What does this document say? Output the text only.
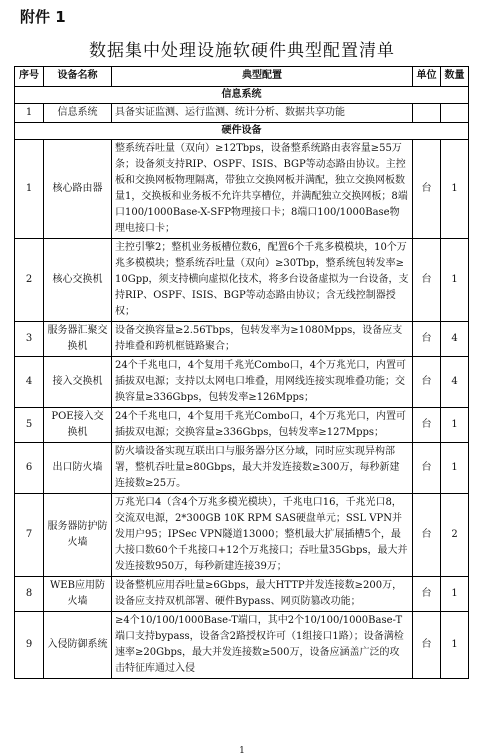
附件 1
数据集中处理设施软硬件典型配置清单
序号	设备名称	典型配置	单位	数量
信息系统				
1	信息系统	具备实证监测、运行监测、统计分析、数据共享功能		
硬件设备				
1	核心路由器	整系统吞吐量（双向）≥12Tbps，设备整系统路由表容量≥55万条；设备须支持RIP、OSPF、ISIS、BGP等动态路由协议。主控板和交换网板物理隔离，带独立交换网板并满配，独立交换网板数量1，交换板和业务板不允许共享槽位，并满配独立交换网板；8端口100/1000Base-X-SFP物理接口卡；8端口100/1000Base物理电接口卡；	台	1
2	核心交换机	主控引擎2；整机业务板槽位数6，配置6个千兆多模模块，10个万兆多模模块；整系统吞吐量（双向）≥30Tbp，整系统包转发率≥10Gpp，须支持横向虚拟化技术，将多台设备虚拟为一台设备，支持RIP、OSPF、ISIS、BGP等动态路由协议；含无线控制器授权；	台	1
3	服务器汇聚交换机	设备交换容量≥2.56Tbps，包转发率为≥1080Mpps，设备应支持堆叠和跨机框链路聚合；	台	4
4	接入交换机	24个千兆电口，4个复用千兆光Combo口，4个万兆光口，内置可插拔双电源；支持以太网电口堆叠，用网线连接实现堆叠功能；交换容量≥336Gbps，包转发率≥126Mpps；	台	4
5	POE接入交换机	24个千兆电口，4个复用千兆光Combo口，4个万兆光口，内置可插拔双电源；交换容量≥336Gbps，包转发率≥127Mpps；	台	1
6	出口防火墙	防火墙设备实现互联出口与服务器分区分域，同时应实现异构部署，整机吞吐量≥80Gbps，最大并发连接数≥300万，每秒新建连接数≥25万。	台	1
7	服务器防护防火墙	万兆光口4（含4个万兆多模光模块），千兆电口16，千兆光口8，交流双电源，2*300GB 10K RPM SAS硬盘单元；SSL VPN并发用户95；IPSec VPN隧道13000；整机最大扩展插槽5个，最大接口数60个千兆接口+12个万兆接口；吞吐量35Gbps，最大并发连接数950万，每秒新建连接39万；	台	2
8	WEB应用防火墙	设备整机应用吞吐量≥6Gbps，最大HTTP并发连接数≥200万，设备应支持双机部署、硬件Bypass、网页防篡改功能；	台	1
9	入侵防御系统	≥4个10/100/1000Base-T端口，其中2个10/100/1000Base-T端口支持bypass，设备含2路授权许可（1组接口1路）；设备满检速率≥20Gbps，最大并发连接数≥500万，设备应涵盖广泛的攻击特征库通过入侵	台	1
1
